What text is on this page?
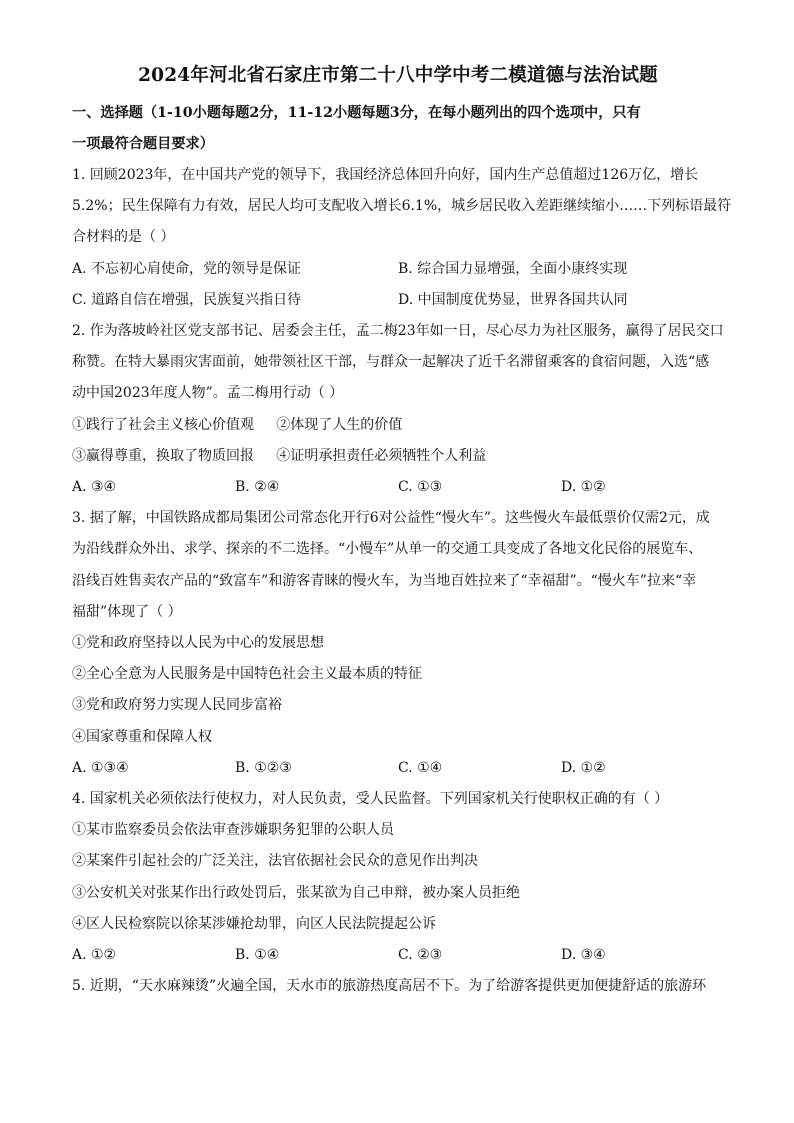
2024年河北省石家庄市第二十八中学中考二模道德与法治试题

一、选择题（1-10小题每题2分，11-12小题每题3分，在每小题列出的四个选项中，只有

一项最符合题目要求）

1. 回顾2023年，在中国共产党的领导下，我国经济总体回升向好，国内生产总值超过126万亿，增长

5.2%；民生保障有力有效，居民人均可支配收入增长6.1%，城乡居民收入差距继续缩小……下列标语最符

合材料的是（ ）

A. 不忘初心肩使命，党的领导是保证	B. 综合国力显增强，全面小康终实现
C. 道路自信在增强，民族复兴指日待	D. 中国制度优势显，世界各国共认同

2. 作为落坡岭社区党支部书记、居委会主任，孟二梅23年如一日，尽心尽力为社区服务，赢得了居民交口

称赞。在特大暴雨灾害面前，她带领社区干部，与群众一起解决了近千名滞留乘客的食宿问题，入选“感

动中国2023年度人物”。孟二梅用行动（ ）

①践行了社会主义核心价值观     ②体现了人生的价值

③赢得尊重，换取了物质回报     ④证明承担责任必须牺牲个人利益

A. ③④	B. ②④	C. ①③	D. ①②

3. 据了解，中国铁路成都局集团公司常态化开行6对公益性“慢火车”。这些慢火车最低票价仅需2元，成

为沿线群众外出、求学、探亲的不二选择。“小慢车”从单一的交通工具变成了各地文化民俗的展览车、

沿线百姓售卖农产品的“致富车”和游客青睐的慢火车，为当地百姓拉来了“幸福甜”。“慢火车”拉来“幸

福甜”体现了（ ）

①党和政府坚持以人民为中心的发展思想

②全心全意为人民服务是中国特色社会主义最本质的特征

③党和政府努力实现人民同步富裕

④国家尊重和保障人权

A. ①③④	B. ①②③	C. ①④	D. ①②

4. 国家机关必须依法行使权力，对人民负责，受人民监督。下列国家机关行使职权正确的有（ ）

①某市监察委员会依法审查涉嫌职务犯罪的公职人员

②某案件引起社会的广泛关注，法官依据社会民众的意见作出判决

③公安机关对张某作出行政处罚后，张某欲为自己申辩，被办案人员拒绝

④区人民检察院以徐某涉嫌抢劫罪，向区人民法院提起公诉

A. ①②	B. ①④	C. ②③	D. ③④

5. 近期，“天水麻辣烫”火遍全国，天水市的旅游热度高居不下。为了给游客提供更加便捷舒适的旅游环
